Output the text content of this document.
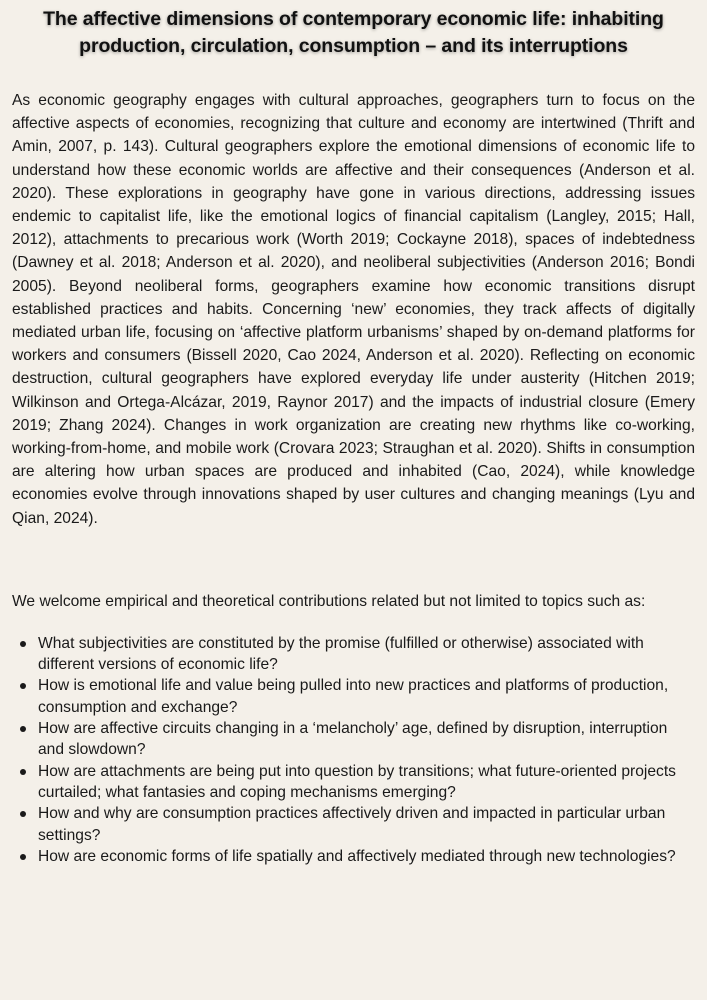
The affective dimensions of contemporary economic life: inhabiting production, circulation, consumption – and its interruptions

As economic geography engages with cultural approaches, geographers turn to focus on the affective aspects of economies, recognizing that culture and economy are intertwined (Thrift and Amin, 2007, p. 143). Cultural geographers explore the emotional dimensions of economic life to understand how these economic worlds are affective and their consequences (Anderson et al. 2020). These explorations in geography have gone in various directions, addressing issues endemic to capitalist life, like the emotional logics of financial capitalism (Langley, 2015; Hall, 2012), attachments to precarious work (Worth 2019; Cockayne 2018), spaces of indebtedness (Dawney et al. 2018; Anderson et al. 2020), and neoliberal subjectivities (Anderson 2016; Bondi 2005). Beyond neoliberal forms, geographers examine how economic transitions disrupt established practices and habits. Concerning ‘new’ economies, they track affects of digitally mediated urban life, focusing on ‘affective platform urbanisms’ shaped by on-demand platforms for workers and consumers (Bissell 2020, Cao 2024, Anderson et al. 2020). Reflecting on economic destruction, cultural geographers have explored everyday life under austerity (Hitchen 2019; Wilkinson and Ortega‐Alcázar, 2019, Raynor 2017) and the impacts of industrial closure (Emery 2019; Zhang 2024). Changes in work organization are creating new rhythms like co-working, working-from-home, and mobile work (Crovara 2023; Straughan et al. 2020). Shifts in consumption are altering how urban spaces are produced and inhabited (Cao, 2024), while knowledge economies evolve through innovations shaped by user cultures and changing meanings (Lyu and Qian, 2024).

We welcome empirical and theoretical contributions related but not limited to topics such as:

What subjectivities are constituted by the promise (fulfilled or otherwise) associated with different versions of economic life?
How is emotional life and value being pulled into new practices and platforms of production, consumption and exchange?
How are affective circuits changing in a ‘melancholy’ age, defined by disruption, interruption and slowdown?
How are attachments are being put into question by transitions; what future-oriented projects curtailed; what fantasies and coping mechanisms emerging?
How and why are consumption practices affectively driven and impacted in particular urban settings?
How are economic forms of life spatially and affectively mediated through new technologies?
